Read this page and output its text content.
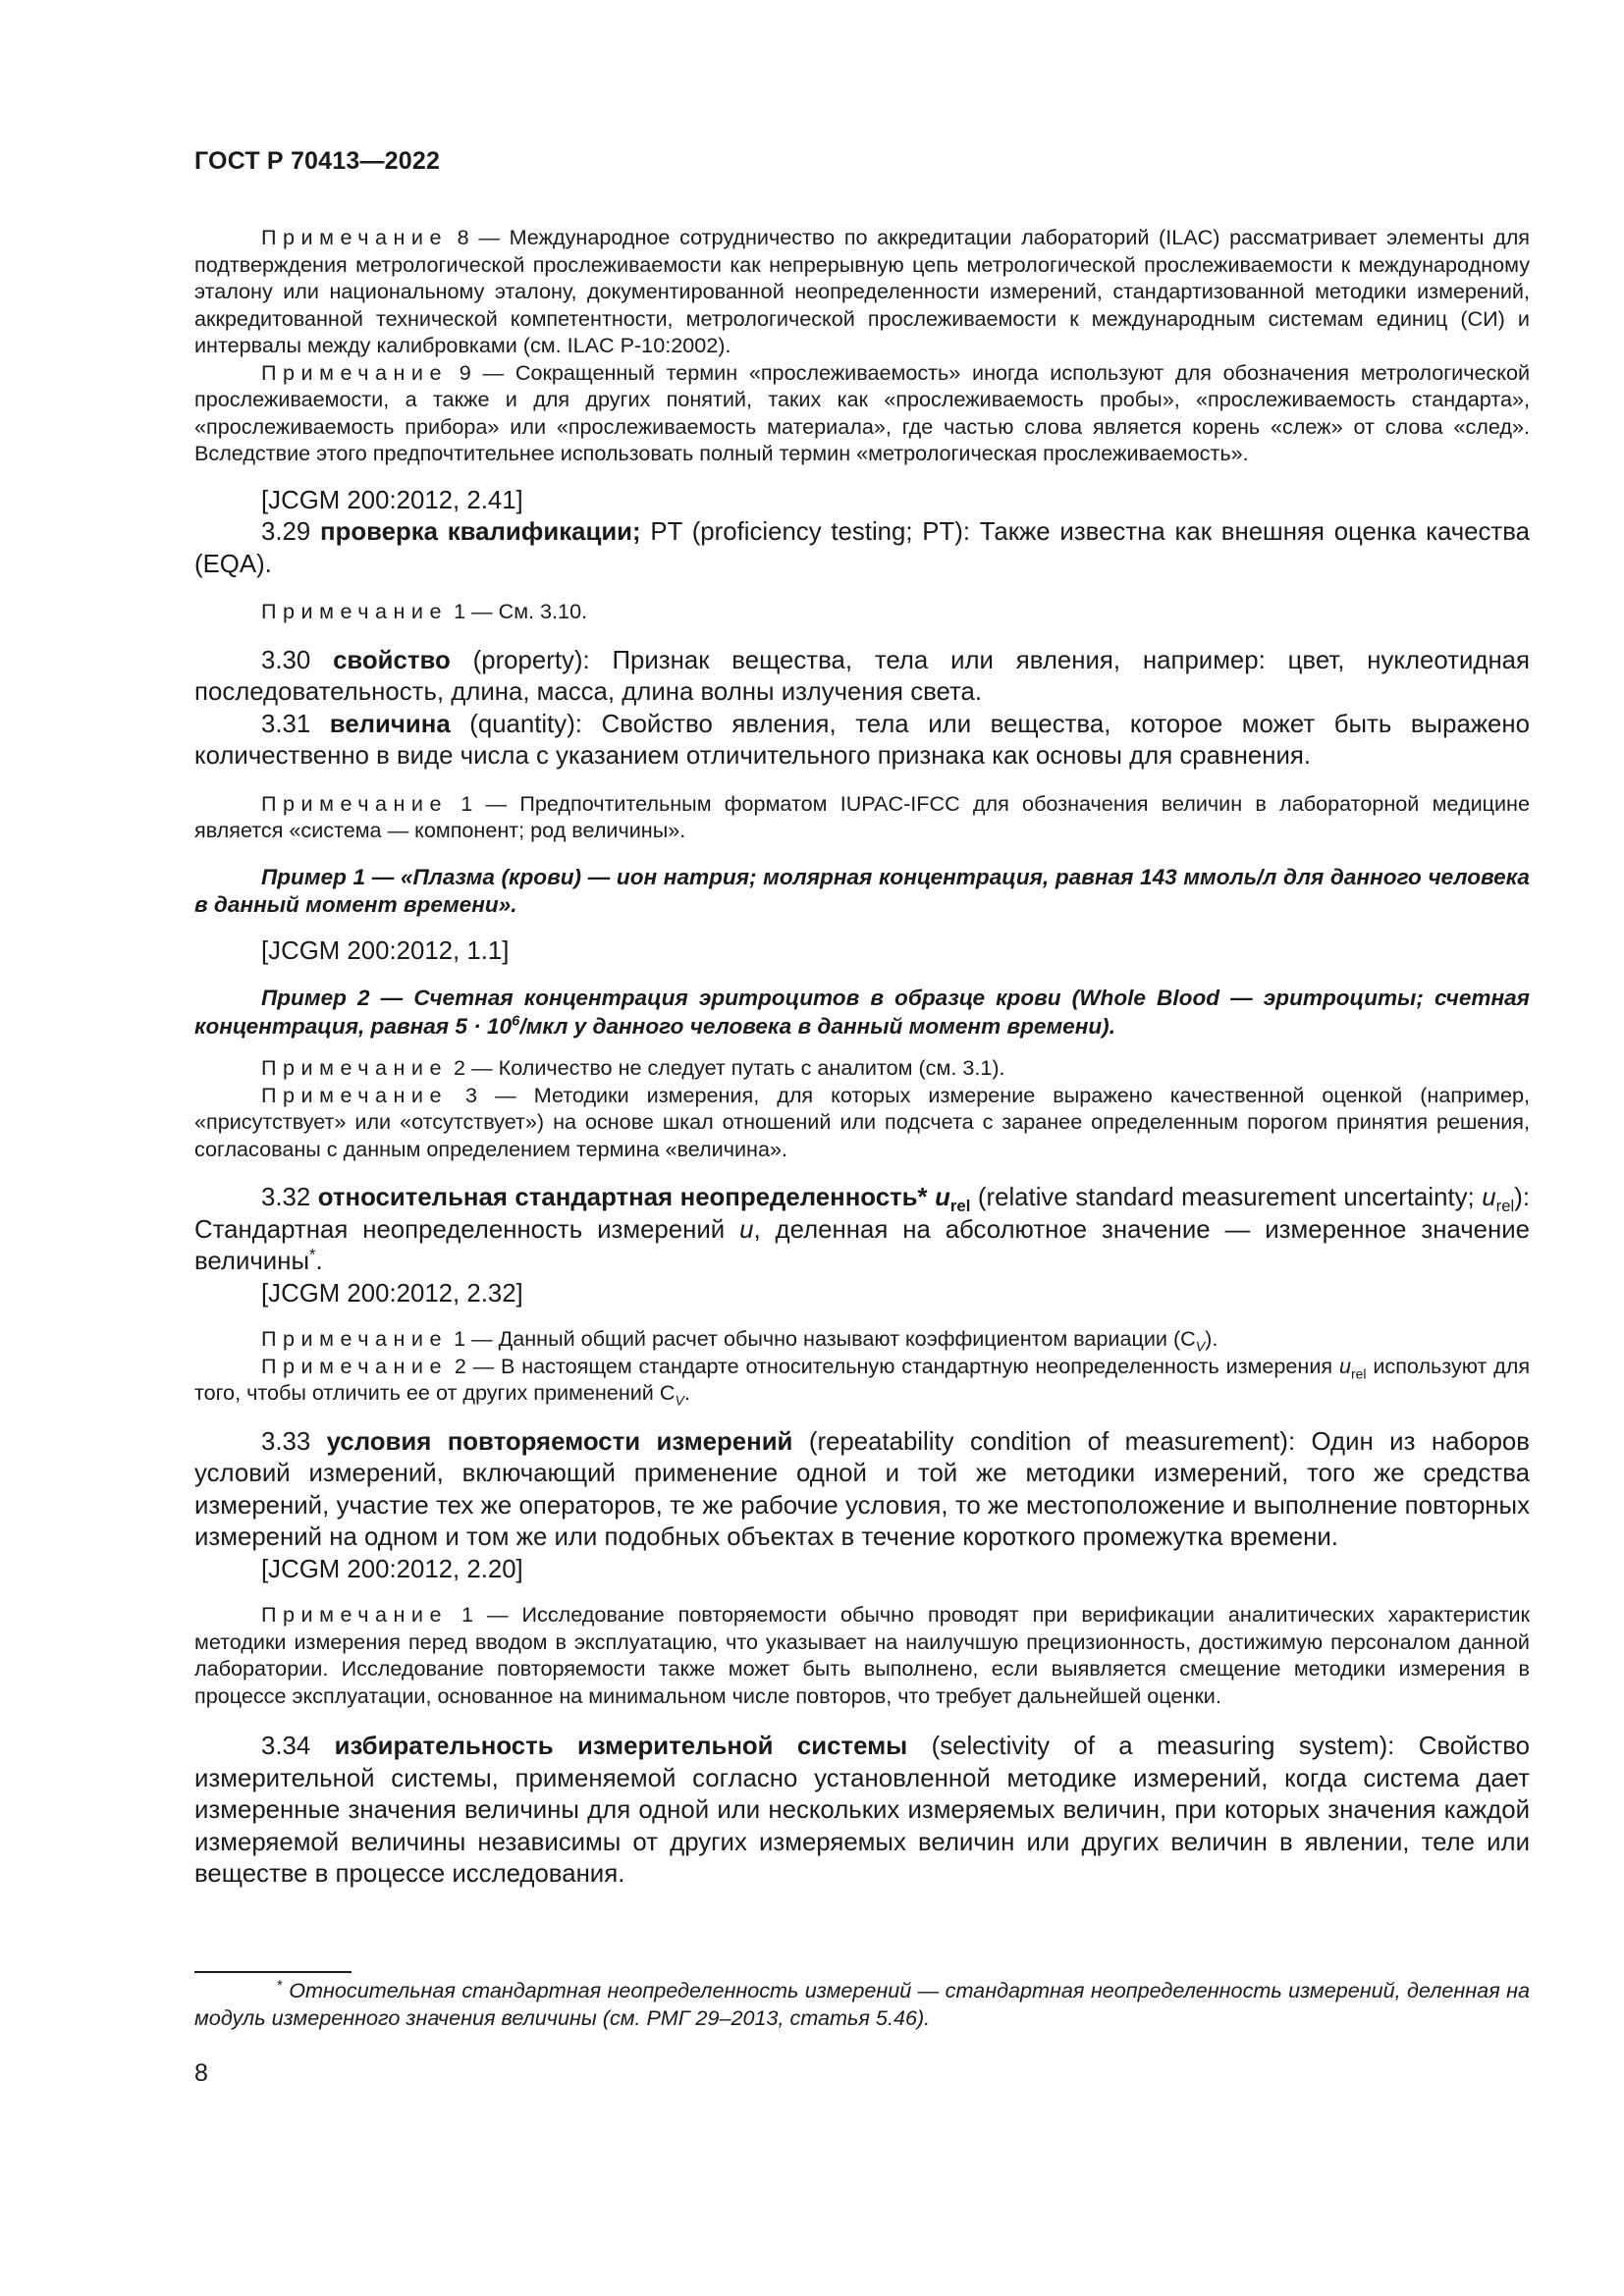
ГОСТ Р 70413—2022

Примечание 8 — Международное сотрудничество по аккредитации лабораторий (ILAC) рассматривает элементы для подтверждения метрологической прослеживаемости как непрерывную цепь метрологической прослеживаемости к международному эталону или национальному эталону, документированной неопределенности измерений, стандартизованной методики измерений, аккредитованной технической компетентности, метрологической прослеживаемости к международным системам единиц (СИ) и интервалы между калибровками (см. ILAC P-10:2002).

Примечание 9 — Сокращенный термин «прослеживаемость» иногда используют для обозначения метрологической прослеживаемости, а также и для других понятий, таких как «прослеживаемость пробы», «прослеживаемость стандарта», «прослеживаемость прибора» или «прослеживаемость материала», где частью слова является корень «слеж» от слова «след». Вследствие этого предпочтительнее использовать полный термин «метрологическая прослеживаемость».

[JCGM 200:2012, 2.41]

3.29 проверка квалификации; PT (proficiency testing; PT): Также известна как внешняя оценка качества (EQA).

Примечание 1 — См. 3.10.

3.30 свойство (property): Признак вещества, тела или явления, например: цвет, нуклеотидная последовательность, длина, масса, длина волны излучения света.

3.31 величина (quantity): Свойство явления, тела или вещества, которое может быть выражено количественно в виде числа с указанием отличительного признака как основы для сравнения.

Примечание 1 — Предпочтительным форматом IUPAC-IFCC для обозначения величин в лабораторной медицине является «система — компонент; род величины».

Пример 1 — «Плазма (крови) — ион натрия; молярная концентрация, равная 143 ммоль/л для данного человека в данный момент времени».

[JCGM 200:2012, 1.1]

Пример 2 — Счетная концентрация эритроцитов в образце крови (Whole Blood — эритроциты; счетная концентрация, равная $5 \cdot 10^6$/мкл у данного человека в данный момент времени).

Примечание 2 — Количество не следует путать с аналитом (см. 3.1).

Примечание 3 — Методики измерения, для которых измерение выражено качественной оценкой (например, «присутствует» или «отсутствует») на основе шкал отношений или подсчета с заранее определенным порогом принятия решения, согласованы с данным определением термина «величина».

3.32 относительная стандартная неопределенность* $u_{rel}$ (relative standard measurement uncertainty; $u_{rel}$): Стандартная неопределенность измерений u, деленная на абсолютное значение — измеренное значение величины*.

[JCGM 200:2012, 2.32]

Примечание 1 — Данный общий расчет обычно называют коэффициентом вариации $(C_V)$.

Примечание 2 — В настоящем стандарте относительную стандартную неопределенность измерения $u_{rel}$ используют для того, чтобы отличить ее от других применений $C_V$.

3.33 условия повторяемости измерений (repeatability condition of measurement): Один из наборов условий измерений, включающий применение одной и той же методики измерений, того же средства измерений, участие тех же операторов, те же рабочие условия, то же местоположение и выполнение повторных измерений на одном и том же или подобных объектах в течение короткого промежутка времени.

[JCGM 200:2012, 2.20]

Примечание 1 — Исследование повторяемости обычно проводят при верификации аналитических характеристик методики измерения перед вводом в эксплуатацию, что указывает на наилучшую прецизионность, достижимую персоналом данной лаборатории. Исследование повторяемости также может быть выполнено, если выявляется смещение методики измерения в процессе эксплуатации, основанное на минимальном числе повторов, что требует дальнейшей оценки.

3.34 избирательность измерительной системы (selectivity of a measuring system): Свойство измерительной системы, применяемой согласно установленной методике измерений, когда система дает измеренные значения величины для одной или нескольких измеряемых величин, при которых значения каждой измеряемой величины независимы от других измеряемых величин или других величин в явлении, теле или веществе в процессе исследования.

* Относительная стандартная неопределенность измерений — стандартная неопределенность измерений, деленная на модуль измеренного значения величины (см. РМГ 29–2013, статья 5.46).

8
